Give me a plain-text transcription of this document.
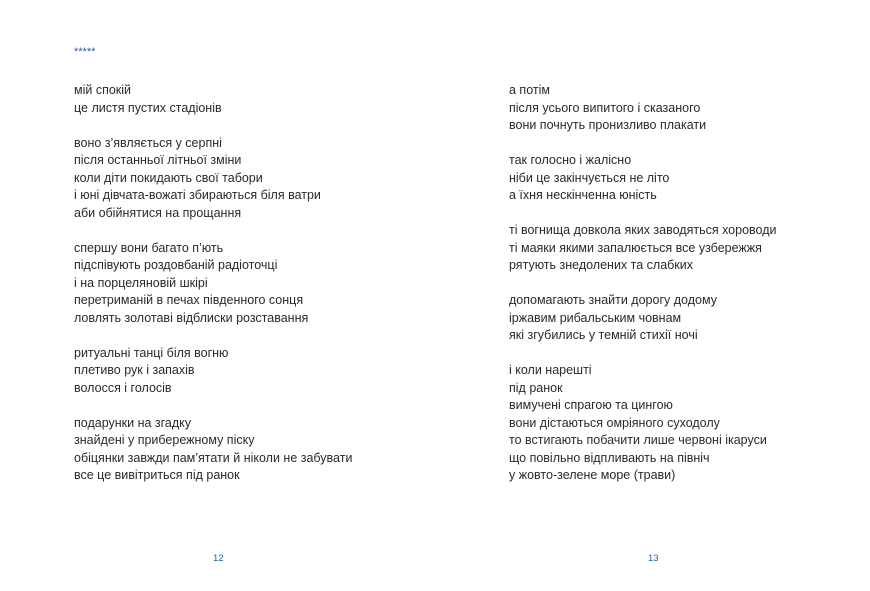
*****
мій спокій
це листя пустих стадіонів
воно з’являється у серпні
після останньої літньої зміни
коли діти покидають свої табори
і юні дівчата-вожаті збираються біля ватри
аби обійнятися на прощання
спершу вони багато п’ють
підспівують роздовбаній радіоточці
і на порцеляновій шкірі
перетриманій в печах південного сонця
ловлять золотаві відблиски розставання
ритуальні танці біля вогню
плетиво рук і запахів
волосся і голосів
подарунки на згадку
знайдені у прибережному піску
обіцянки завжди пам’ятати й ніколи не забувати
все це вивітриться під ранок
12
а потім
після усього випитого і сказаного
вони почнуть пронизливо плакати
так голосно і жалісно
ніби це закінчується не літо
а їхня нескінченна юність
ті вогнища довкола яких заводяться хороводи
ті маяки якими запалюється все узбережжя
рятують знедолених та слабких
допомагають знайти дорогу додому
іржавим рибальським човнам
які згубились у темній стихії ночі
і коли нарешті
під ранок
вимучені спрагою та цингою
вони дістаються омріяного суходолу
то встигають побачити лише червоні ікаруси
що повільно відпливають на північ
у жовто-зелене море (трави)
13
